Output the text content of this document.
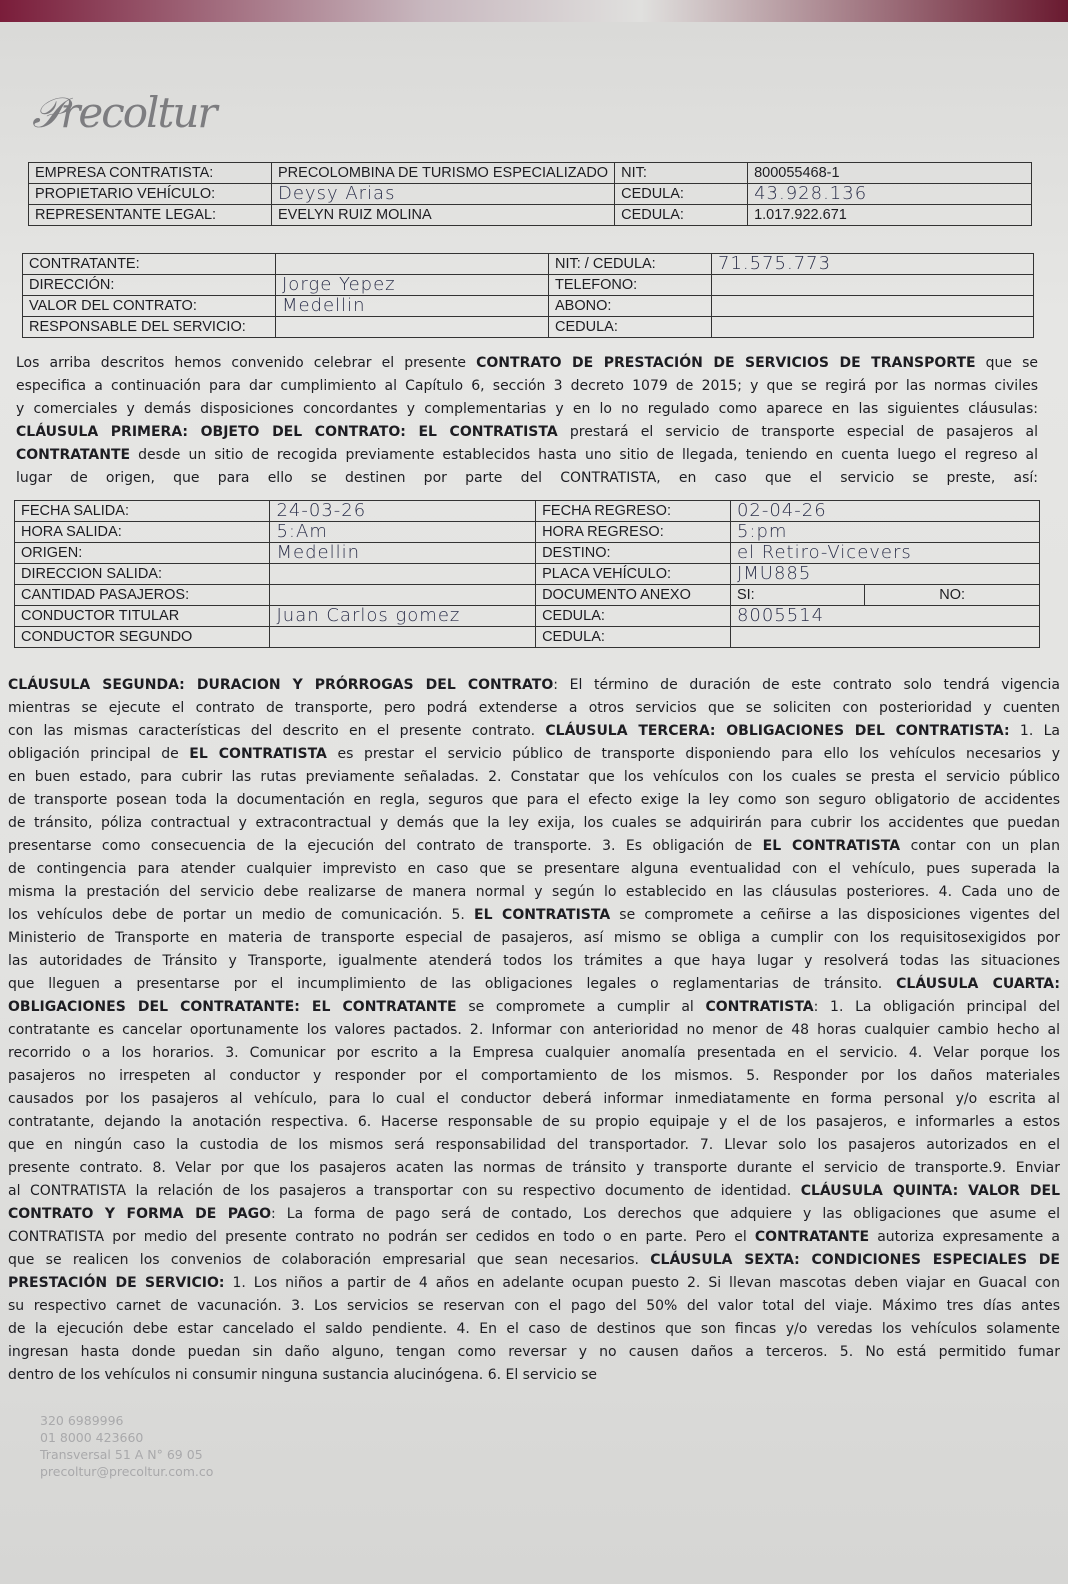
𝒫recoltur
EMPRESA CONTRATISTA:	PRECOLOMBINA DE TURISMO ESPECIALIZADO	NIT:	800055468-1
PROPIETARIO VEHÍCULO:	Deysy Arias	CEDULA:	43.928.136
REPRESENTANTE LEGAL:	EVELYN RUIZ MOLINA	CEDULA:	1.017.922.671
CONTRATANTE:		NIT: / CEDULA:	71.575.773
DIRECCIÓN:	Jorge Yepez	TELEFONO:	
VALOR DEL CONTRATO:	Medellin	ABONO:	
RESPONSABLE DEL SERVICIO:		CEDULA:	
Los arriba descritos hemos convenido celebrar el presente CONTRATO DE PRESTACIÓN DE SERVICIOS DE TRANSPORTE que se
especifica a continuación para dar cumplimiento al Capítulo 6, sección 3 decreto 1079 de 2015; y que se regirá por las normas civiles
y comerciales y demás disposiciones concordantes y complementarias y en lo no regulado como aparece en las siguientes cláusulas:
CLÁUSULA PRIMERA: OBJETO DEL CONTRATO: EL CONTRATISTA prestará el servicio de transporte especial de pasajeros al
CONTRATANTE desde un sitio de recogida previamente establecidos hasta uno sitio de llegada, teniendo en cuenta luego el regreso al
lugar de origen, que para ello se destinen por parte del CONTRATISTA, en caso que el servicio se preste, así:
FECHA SALIDA:	24-03-26	FECHA REGRESO:	02-04-26	
HORA SALIDA:	5:Am	HORA REGRESO:	5:pm	
ORIGEN:	Medellin	DESTINO:	el Retiro-Vicevers	
DIRECCION SALIDA:		PLACA VEHÍCULO:	JMU885	
CANTIDAD PASAJEROS:		DOCUMENTO ANEXO	SI:	NO:
CONDUCTOR TITULAR	Juan Carlos gomez	CEDULA:	8005514	
CONDUCTOR SEGUNDO		CEDULA:		
CLÁUSULA SEGUNDA: DURACION Y PRÓRROGAS DEL CONTRATO: El término de duración de este contrato solo tendrá vigencia
mientras se ejecute el contrato de transporte, pero podrá extenderse a otros servicios que se soliciten con posterioridad y cuenten
con las mismas características del descrito en el presente contrato. CLÁUSULA TERCERA: OBLIGACIONES DEL CONTRATISTA: 1. La
obligación principal de EL CONTRATISTA es prestar el servicio público de transporte disponiendo para ello los vehículos necesarios y
en buen estado, para cubrir las rutas previamente señaladas. 2. Constatar que los vehículos con los cuales se presta el servicio público
de transporte posean toda la documentación en regla, seguros que para el efecto exige la ley como son seguro obligatorio de accidentes
de tránsito, póliza contractual y extracontractual y demás que la ley exija, los cuales se adquirirán para cubrir los accidentes que puedan
presentarse como consecuencia de la ejecución del contrato de transporte. 3. Es obligación de EL CONTRATISTA contar con un plan
de contingencia para atender cualquier imprevisto en caso que se presentare alguna eventualidad con el vehículo, pues superada la
misma la prestación del servicio debe realizarse de manera normal y según lo establecido en las cláusulas posteriores. 4. Cada uno de
los vehículos debe de portar un medio de comunicación. 5. EL CONTRATISTA se compromete a ceñirse a las disposiciones vigentes del
Ministerio de Transporte en materia de transporte especial de pasajeros, así mismo se obliga a cumplir con los requisitosexigidos por
las autoridades de Tránsito y Transporte, igualmente atenderá todos los trámites a que haya lugar y resolverá todas las situaciones
que lleguen a presentarse por el incumplimiento de las obligaciones legales o reglamentarias de tránsito. CLÁUSULA CUARTA:
OBLIGACIONES DEL CONTRATANTE: EL CONTRATANTE se compromete a cumplir al CONTRATISTA: 1. La obligación principal del
contratante es cancelar oportunamente los valores pactados. 2. Informar con anterioridad no menor de 48 horas cualquier cambio hecho al
recorrido o a los horarios. 3. Comunicar por escrito a la Empresa cualquier anomalía presentada en el servicio. 4. Velar porque los
pasajeros no irrespeten al conductor y responder por el comportamiento de los mismos. 5. Responder por los daños materiales
causados por los pasajeros al vehículo, para lo cual el conductor deberá informar inmediatamente en forma personal y/o escrita al
contratante, dejando la anotación respectiva. 6. Hacerse responsable de su propio equipaje y el de los pasajeros, e informarles a estos
que en ningún caso la custodia de los mismos será responsabilidad del transportador. 7. Llevar solo los pasajeros autorizados en el
presente contrato. 8. Velar por que los pasajeros acaten las normas de tránsito y transporte durante el servicio de transporte.9. Enviar
al CONTRATISTA la relación de los pasajeros a transportar con su respectivo documento de identidad. CLÁUSULA QUINTA: VALOR DEL
CONTRATO Y FORMA DE PAGO: La forma de pago será de contado, Los derechos que adquiere y las obligaciones que asume el
CONTRATISTA por medio del presente contrato no podrán ser cedidos en todo o en parte. Pero el CONTRATANTE autoriza expresamente a
que se realicen los convenios de colaboración empresarial que sean necesarios. CLÁUSULA SEXTA: CONDICIONES ESPECIALES DE
PRESTACIÓN DE SERVICIO: 1. Los niños a partir de 4 años en adelante ocupan puesto 2. Si llevan mascotas deben viajar en Guacal con
su respectivo carnet de vacunación. 3. Los servicios se reservan con el pago del 50% del valor total del viaje. Máximo tres días antes
de la ejecución debe estar cancelado el saldo pendiente. 4. En el caso de destinos que son fincas y/o veredas los vehículos solamente
ingresan hasta donde puedan sin daño alguno, tengan como reversar y no causen daños a terceros. 5. No está permitido fumar
dentro de los vehículos ni consumir ninguna sustancia alucinógena. 6. El servicio se
320 6989996
01 8000 423660
Transversal 51 A N° 69 05
precoltur@precoltur.com.co
